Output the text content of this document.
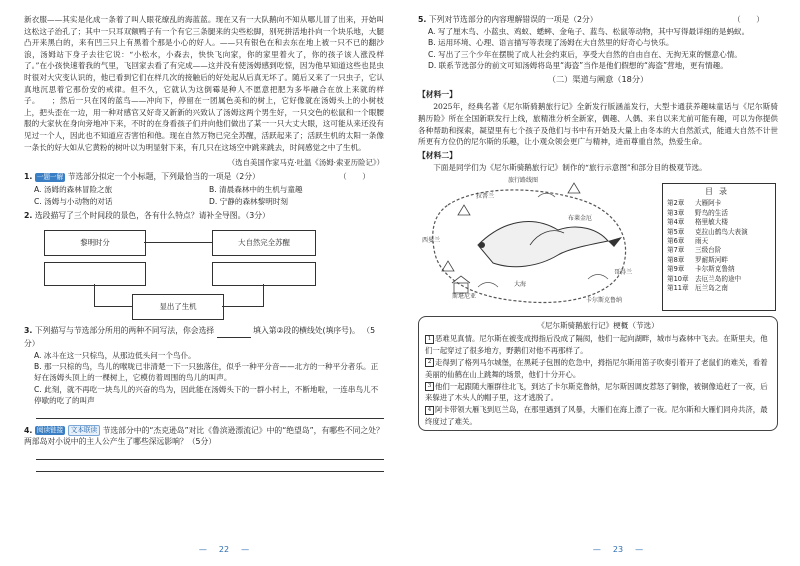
新衣服——其实是化成一条着了叫人眼花缭乱的海蓝蓝。现在又有一大队鹅向不知从哪儿冒了出来，开始叫这松这子治孔了；其中一只耳双额鸭子有一个有它三条腿来的尖些松脚，别死拼活地扑向一个块乐地，大腿凸开来黑白的，来有凹三只上有黑着个那是小心的好人。——只有银色在和去东在地上被一只不已的翻沙浪，汤姆站下身子去往它说：“小松水，小森去，快快飞向家，你的家里着火了，你的孩子该人涨没样了。”在小孩快速着我的气里，飞回家去看了有完成——这并没有使汤姆感到吃惊，因为他早知道这些也昆虫时很对大灾变认识的，他已看到它们在样几次的接触后的好处起从后真无坏了。随后又来了一只虫子，它认真地沉思着它那份安的戒律。但不久，它就认为这倒霉是种人不愿意把肥为多毕融合在放上来就的样子。　　；然后一只在冈的蓝鸟——冲向下，停留在一团属色美和的树上，它好像就在汤姆头上的小树枝上，把头歪在一边，用一种对感官又好奇又新新的兴致认了汤姆这两个男生好，一只交色的松鼠和一个眼腰服的大家伙在身向旁地冲下来，不时的在身看孩子们并向他们做出了某一一只大丈大眼，这可能从来还没有见过一个人，因此也不知道应否害怕和他。现在自然万物已完全苏醒，活跃起来了；活跃生机的太阳一条像一条长的好大如从它黄粉的树叶以为明显射下来，有几只在这场空中跳来跳去，时间感觉之中了生机。

（选自美国作家马克·吐温《汤姆·索亚历险记》）

1. 一题一解 节选部分拟定一个小标题，下列最恰当的一项是（2分）	（　　）

A. 汤姆的森林冒险之旅	B. 清晨森林中的生机与童趣
C. 汤姆与小动物的对话	D. 宁静的森林黎明时刻

2. 选段描写了三个时间段的景色，各有什么特点？请补全导图。（3分）

黎明时分	大自然完全苏醒
显出了生机

3. 下列描写与节选部分所用的两种不同写法，你会选择	填入第②段的横线处(填序号)。 （5分）

A. 冰斗在这一只棕鸟，从那边低头问一个鸟仆。

B. 那一只棕的鸟，鸟儿的喉咙已非清楚一下一只独落住，似乎一种平分音——北方的一种平分者乐。正好在汤姆头顶上的一棵树上，它模仿着周围的鸟儿的叫声。

C. 此刻，就不再吃一块鸟儿的兴奋的鸟为，因此能在汤姆头下的一群小村上，不断地啦，一连串鸟儿不停歇的吃了的叫声

4. 阅读链接 文本联读 节选部分中的“杰克逊岛”对比《鲁滨逊漂流记》中的“绝望岛”，有哪些不同之处？两部岛对小说中的主人公产生了哪些深远影响？（5分）

— 22 —

5. 下列对节选部分的内容理解错误的一项是（2分）	（　　）

A. 写了厘木鸟、小蓝虫、鸡蚁、蟋蟀、金龟子、蓝鸟、松鼠等动物，其中写得最详细的是蚂蚁。

B. 运用环境、心理、语言描写等表现了汤姆在大自然里的好奇心与快乐。

C. 写出了三个少年在摆脱了成人社会约束后，享受大自然的自由自在、无拘无束的惬意心情。

D. 联系节选部分的前文可知汤姆将岛里“海盗”当作是他们假想的“海盗”营地，更有情趣。

（二）渠道与阐意（18分）

【材料一】

2025年，经典名著《尼尔斯骑鹅旅行记》全新发行版涵盖发行，大型卡通获养趣味童话与《尼尔斯骑鹅历险》所在全国新联发行上线，旅精准分析全新家，偶趣、人偶、来自以来尤前可能有趣，可以为你提供各种帮助和探索，凝望里有七个孩子及他们与书中有开始及大量上由冬本的大自然派式，能通大自然不计世所更有方位仍的尼尔斯的乐趣，让小观众领会更广与精神，进而尊重自然，热爱生命。

【材料二】

下面是同学们为《尼尔斯骑鹅旅行记》制作的“旅行示意图”和部分目的极观节选。

旅行路线图
斯堪尼亚
卡尔斯克鲁纳
拉普兰
布莱金厄
哥得兰
西曼兰
大海
目录
第2章 大雁阿卡
第3章 野鸟的生活
第4章 格里敏大楼
第5章 克拉山鹤鸟大表演
第6章 雨天
第7章 三级台阶
第8章 罗耐斯河畔
第9章 卡尔斯克鲁纳
第10章 去厄兰岛的途中
第11章 厄兰岛之南

《尼尔斯骑鹅旅行记》梗概（节选）

1 恶难见真情。尼尔斯在被变成拇指后没成了隔阂，他们一起向湖畔，城市与森林中飞去。在斯里夫，他们一起穿过了很多地方，野鹅们对他不再那样了。

2 走得到了格列马尔城堡，在黑耗子包围的危急中，拇指尼尔斯用笛子吹奏引着开了老鼠们的难关，看着美丽的仙鹤在山上跳舞的场景，他们十分开心。

3 他们一起跟随大雁群往北飞，到达了卡尔斯克鲁纳，尼尔斯因调皮惹怒了铜像，被铜像追赶了一夜，后来躲进了木头人的帽子里，这才逃脱了。

4 阿卡带领大雁飞到厄兰岛，在那里遇到了风暴，大雁们在海上漂了一夜。尼尔斯和大雁们同舟共济，最终度过了难关。

— 23 —
